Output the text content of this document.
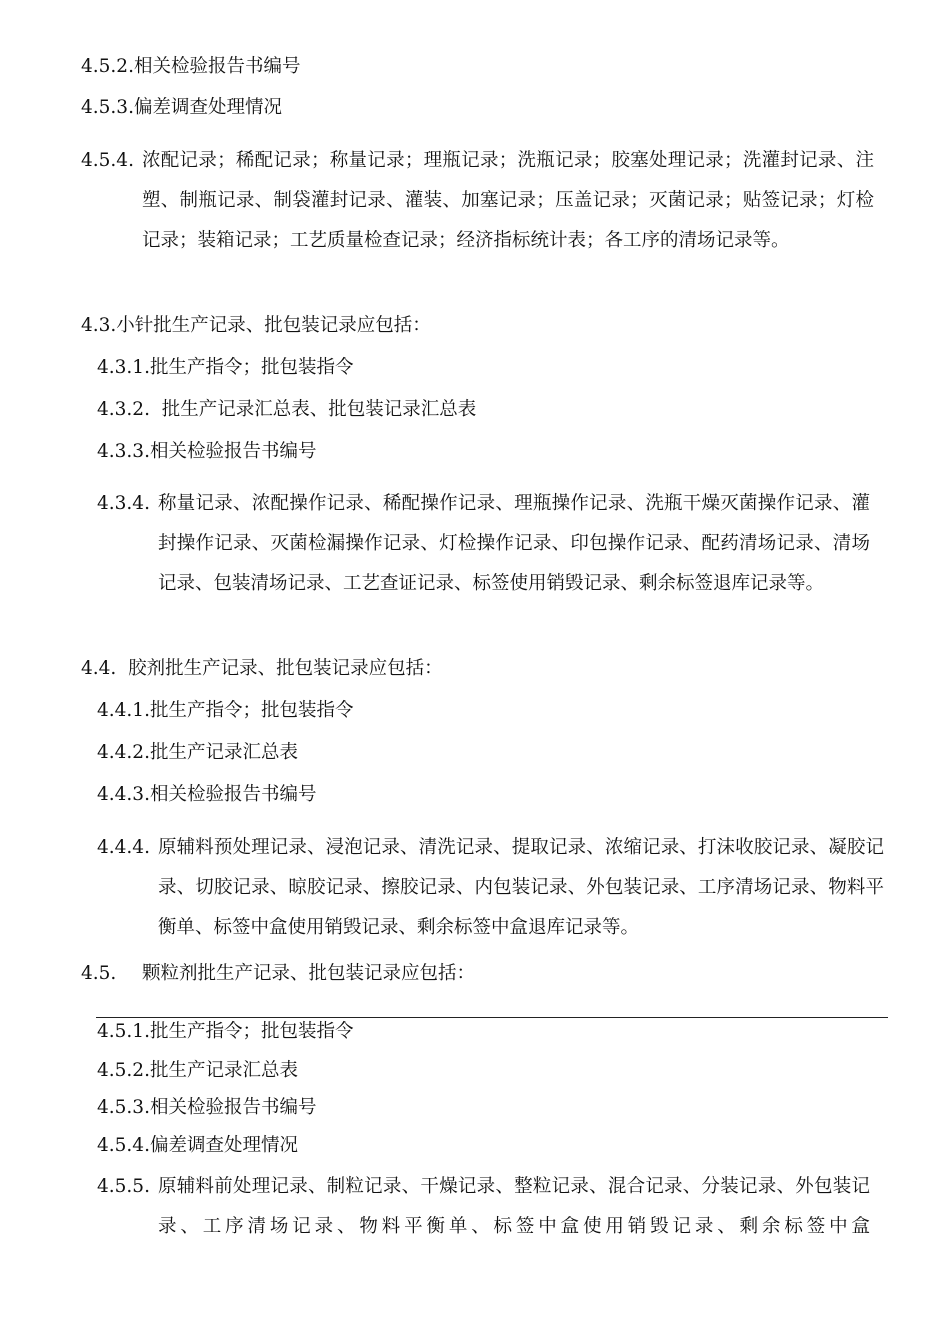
4.5.2.相关检验报告书编号
4.5.3.偏差调查处理情况
4.5.4. 浓配记录；稀配记录；称量记录；理瓶记录；洗瓶记录；胶塞处理记录；洗灌封记录、注塑、制瓶记录、制袋灌封记录、灌装、加塞记录；压盖记录；灭菌记录；贴签记录；灯检记录；装箱记录；工艺质量检查记录；经济指标统计表；各工序的清场记录等。
4.3.小针批生产记录、批包装记录应包括：
4.3.1.批生产指令；批包装指令
4.3.2.  批生产记录汇总表、批包装记录汇总表
4.3.3.相关检验报告书编号
4.3.4. 称量记录、浓配操作记录、稀配操作记录、理瓶操作记录、洗瓶干燥灭菌操作记录、灌封操作记录、灭菌检漏操作记录、灯检操作记录、印包操作记录、配药清场记录、清场记录、包装清场记录、工艺查证记录、标签使用销毁记录、剩余标签退库记录等。
4.4.  胶剂批生产记录、批包装记录应包括：
4.4.1.批生产指令；批包装指令
4.4.2.批生产记录汇总表
4.4.3.相关检验报告书编号
4.4.4. 原辅料预处理记录、浸泡记录、清洗记录、提取记录、浓缩记录、打沫收胶记录、凝胶记录、切胶记录、晾胶记录、擦胶记录、内包装记录、外包装记录、工序清场记录、物料平衡单、标签中盒使用销毁记录、剩余标签中盒退库记录等。
4.5. 颗粒剂批生产记录、批包装记录应包括：
4.5.1.批生产指令；批包装指令
4.5.2.批生产记录汇总表
4.5.3.相关检验报告书编号
4.5.4.偏差调查处理情况
4.5.5. 原辅料前处理记录、制粒记录、干燥记录、整粒记录、混合记录、分装记录、外包装记录、工序清场记录、物料平衡单、标签中盒使用销毁记录、剩余标签中盒
